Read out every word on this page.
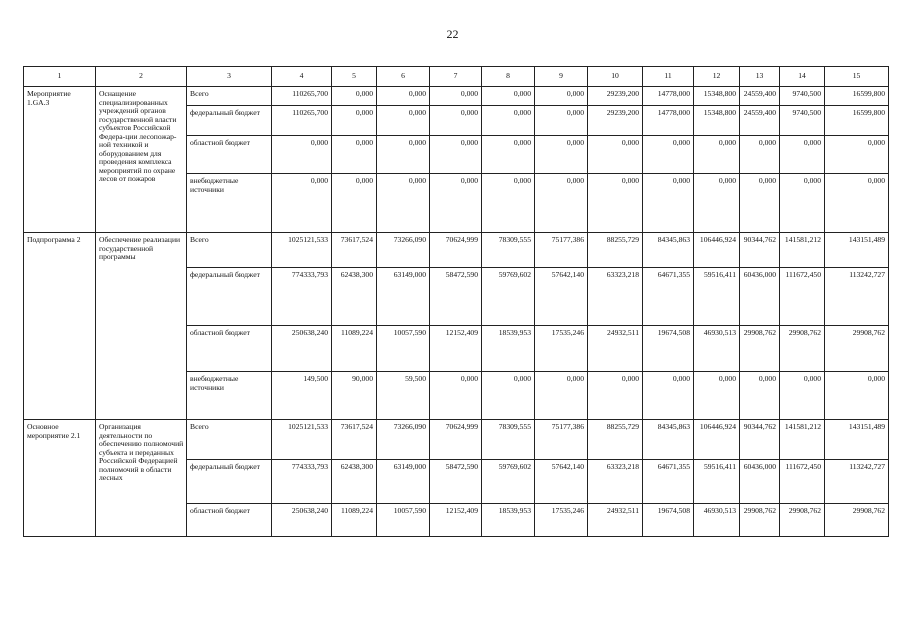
22
1	2	3	4	5	6	7	8	9	10	11	12	13	14	15
Мероприятие 1.GA.3	Оснащение специализированных учреждений органов государственной власти субъектов Российской Федера-ции лесопожар-ной техникой и оборудованием для проведения комплекса мероприятий по охране лесов от пожаров	Всего	110265,700	0,000	0,000	0,000	0,000	0,000	29239,200	14778,000	15348,800	24559,400	9740,500	16599,800
		федеральный бюджет	110265,700	0,000	0,000	0,000	0,000	0,000	29239,200	14778,000	15348,800	24559,400	9740,500	16599,800
		областной бюджет	0,000	0,000	0,000	0,000	0,000	0,000	0,000	0,000	0,000	0,000	0,000	0,000
		внебюджетные источники	0,000	0,000	0,000	0,000	0,000	0,000	0,000	0,000	0,000	0,000	0,000	0,000
Подпрограмма 2	Обеспечение реализации государственной программы	Всего	1025121,533	73617,524	73266,090	70624,999	78309,555	75177,386	88255,729	84345,863	106446,924	90344,762	141581,212	143151,489
		федеральный бюджет	774333,793	62438,300	63149,000	58472,590	59769,602	57642,140	63323,218	64671,355	59516,411	60436,000	111672,450	113242,727
		областной бюджет	250638,240	11089,224	10057,590	12152,409	18539,953	17535,246	24932,511	19674,508	46930,513	29908,762	29908,762	29908,762
		внебюджетные источники	149,500	90,000	59,500	0,000	0,000	0,000	0,000	0,000	0,000	0,000	0,000	0,000
Основное мероприятие 2.1	Организация деятельности по обеспечению полномочий субъекта и переданных Российской Федерацией полномочий в области лесных	Всего	1025121,533	73617,524	73266,090	70624,999	78309,555	75177,386	88255,729	84345,863	106446,924	90344,762	141581,212	143151,489
		федеральный бюджет	774333,793	62438,300	63149,000	58472,590	59769,602	57642,140	63323,218	64671,355	59516,411	60436,000	111672,450	113242,727
		областной бюджет	250638,240	11089,224	10057,590	12152,409	18539,953	17535,246	24932,511	19674,508	46930,513	29908,762	29908,762	29908,762
